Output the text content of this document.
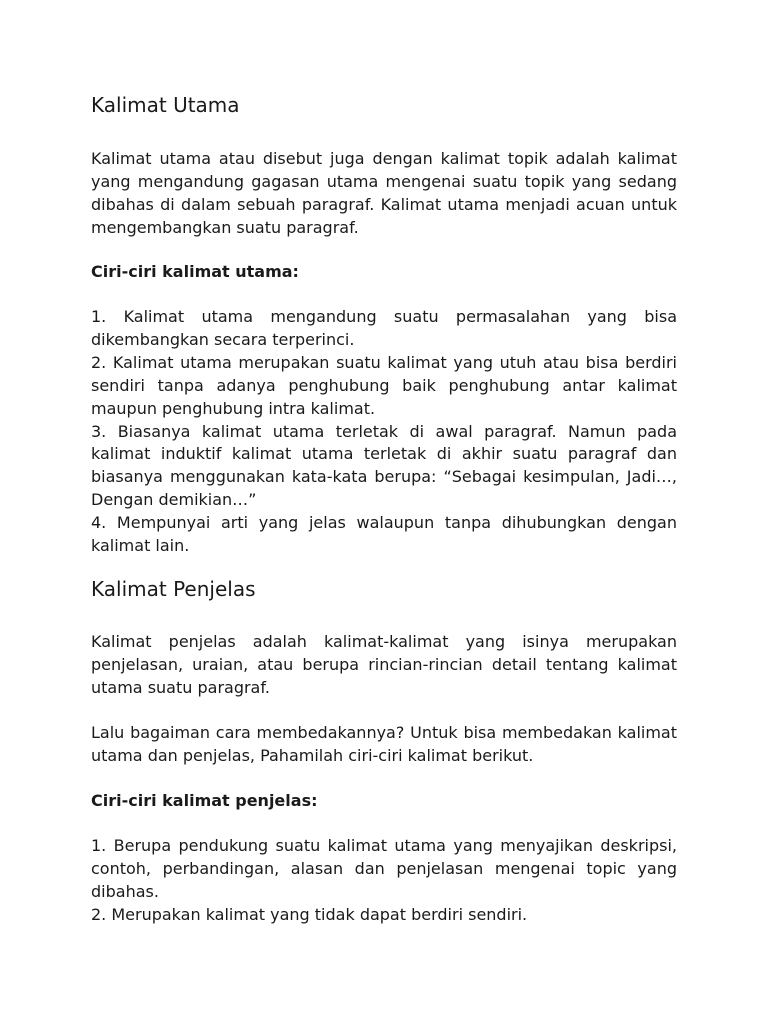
Kalimat Utama

Kalimat utama atau disebut juga dengan kalimat topik adalah kalimat yang mengandung gagasan utama mengenai suatu topik yang sedang dibahas di dalam sebuah paragraf. Kalimat utama menjadi acuan untuk mengembangkan suatu paragraf.

Ciri-ciri kalimat utama:

1. Kalimat utama mengandung suatu permasalahan yang bisa dikembangkan secara terperinci.
2. Kalimat utama merupakan suatu kalimat yang utuh atau bisa berdiri sendiri tanpa adanya penghubung baik penghubung antar kalimat maupun penghubung intra kalimat.
3. Biasanya kalimat utama terletak di awal paragraf. Namun pada kalimat induktif kalimat utama terletak di akhir suatu paragraf dan biasanya menggunakan kata-kata berupa: “Sebagai kesimpulan, Jadi…, Dengan demikian…”
4. Mempunyai arti yang jelas walaupun tanpa dihubungkan dengan kalimat lain.
Kalimat Penjelas

Kalimat penjelas adalah kalimat-kalimat yang isinya merupakan penjelasan, uraian, atau berupa rincian-rincian detail tentang kalimat utama suatu paragraf.

Lalu bagaiman cara membedakannya? Untuk bisa membedakan kalimat utama dan penjelas, Pahamilah ciri-ciri kalimat berikut.

Ciri-ciri kalimat penjelas:

1. Berupa pendukung suatu kalimat utama yang menyajikan deskripsi, contoh, perbandingan, alasan dan penjelasan mengenai topic yang dibahas.
2. Merupakan kalimat yang tidak dapat berdiri sendiri.
